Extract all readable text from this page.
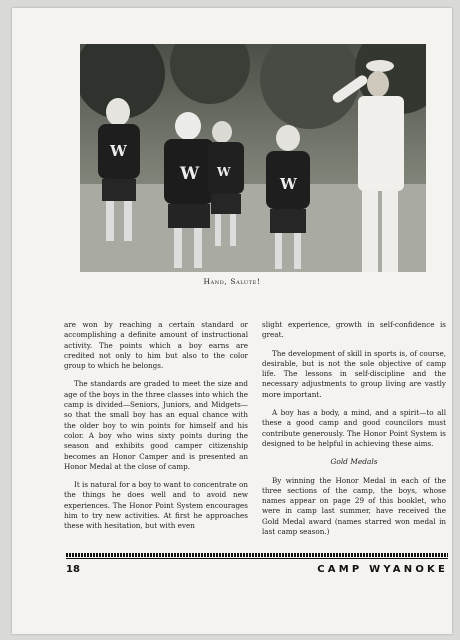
W
W W
W
Hand, Salute!

are won by reaching a certain standard or accomplishing a definite amount of instructional activity. The points which a boy earns are credited not only to him but also to the color group to which he belongs.

The standards are graded to meet the size and age of the boys in the three classes into which the camp is divided—Seniors, Juniors, and Midgets—so that the small boy has an equal chance with the older boy to win points for himself and his color. A boy who wins sixty points during the season and exhibits good camper citizenship becomes an Honor Camper and is presented an Honor Medal at the close of camp.

It is natural for a boy to want to concentrate on the things he does well and to avoid new experiences. The Honor Point System encourages him to try new activities. At first he approaches these with hesitation, but with even

slight experience, growth in self-confidence is great.

The development of skill in sports is, of course, desirable, but is not the sole objective of camp life. The lessons in self-discipline and the necessary adjustments to group living are vastly more important.

A boy has a body, a mind, and a spirit—to all these a good camp and good councilors must contribute generously. The Honor Point System is designed to be helpful in achieving these aims.

Gold Medals

By winning the Honor Medal in each of the three sections of the camp, the boys, whose names appear on page 29 of this booklet, who were in camp last summer, have received the Gold Medal award (names starred won medal in last camp season.)

18	CAMP WYANOKE
